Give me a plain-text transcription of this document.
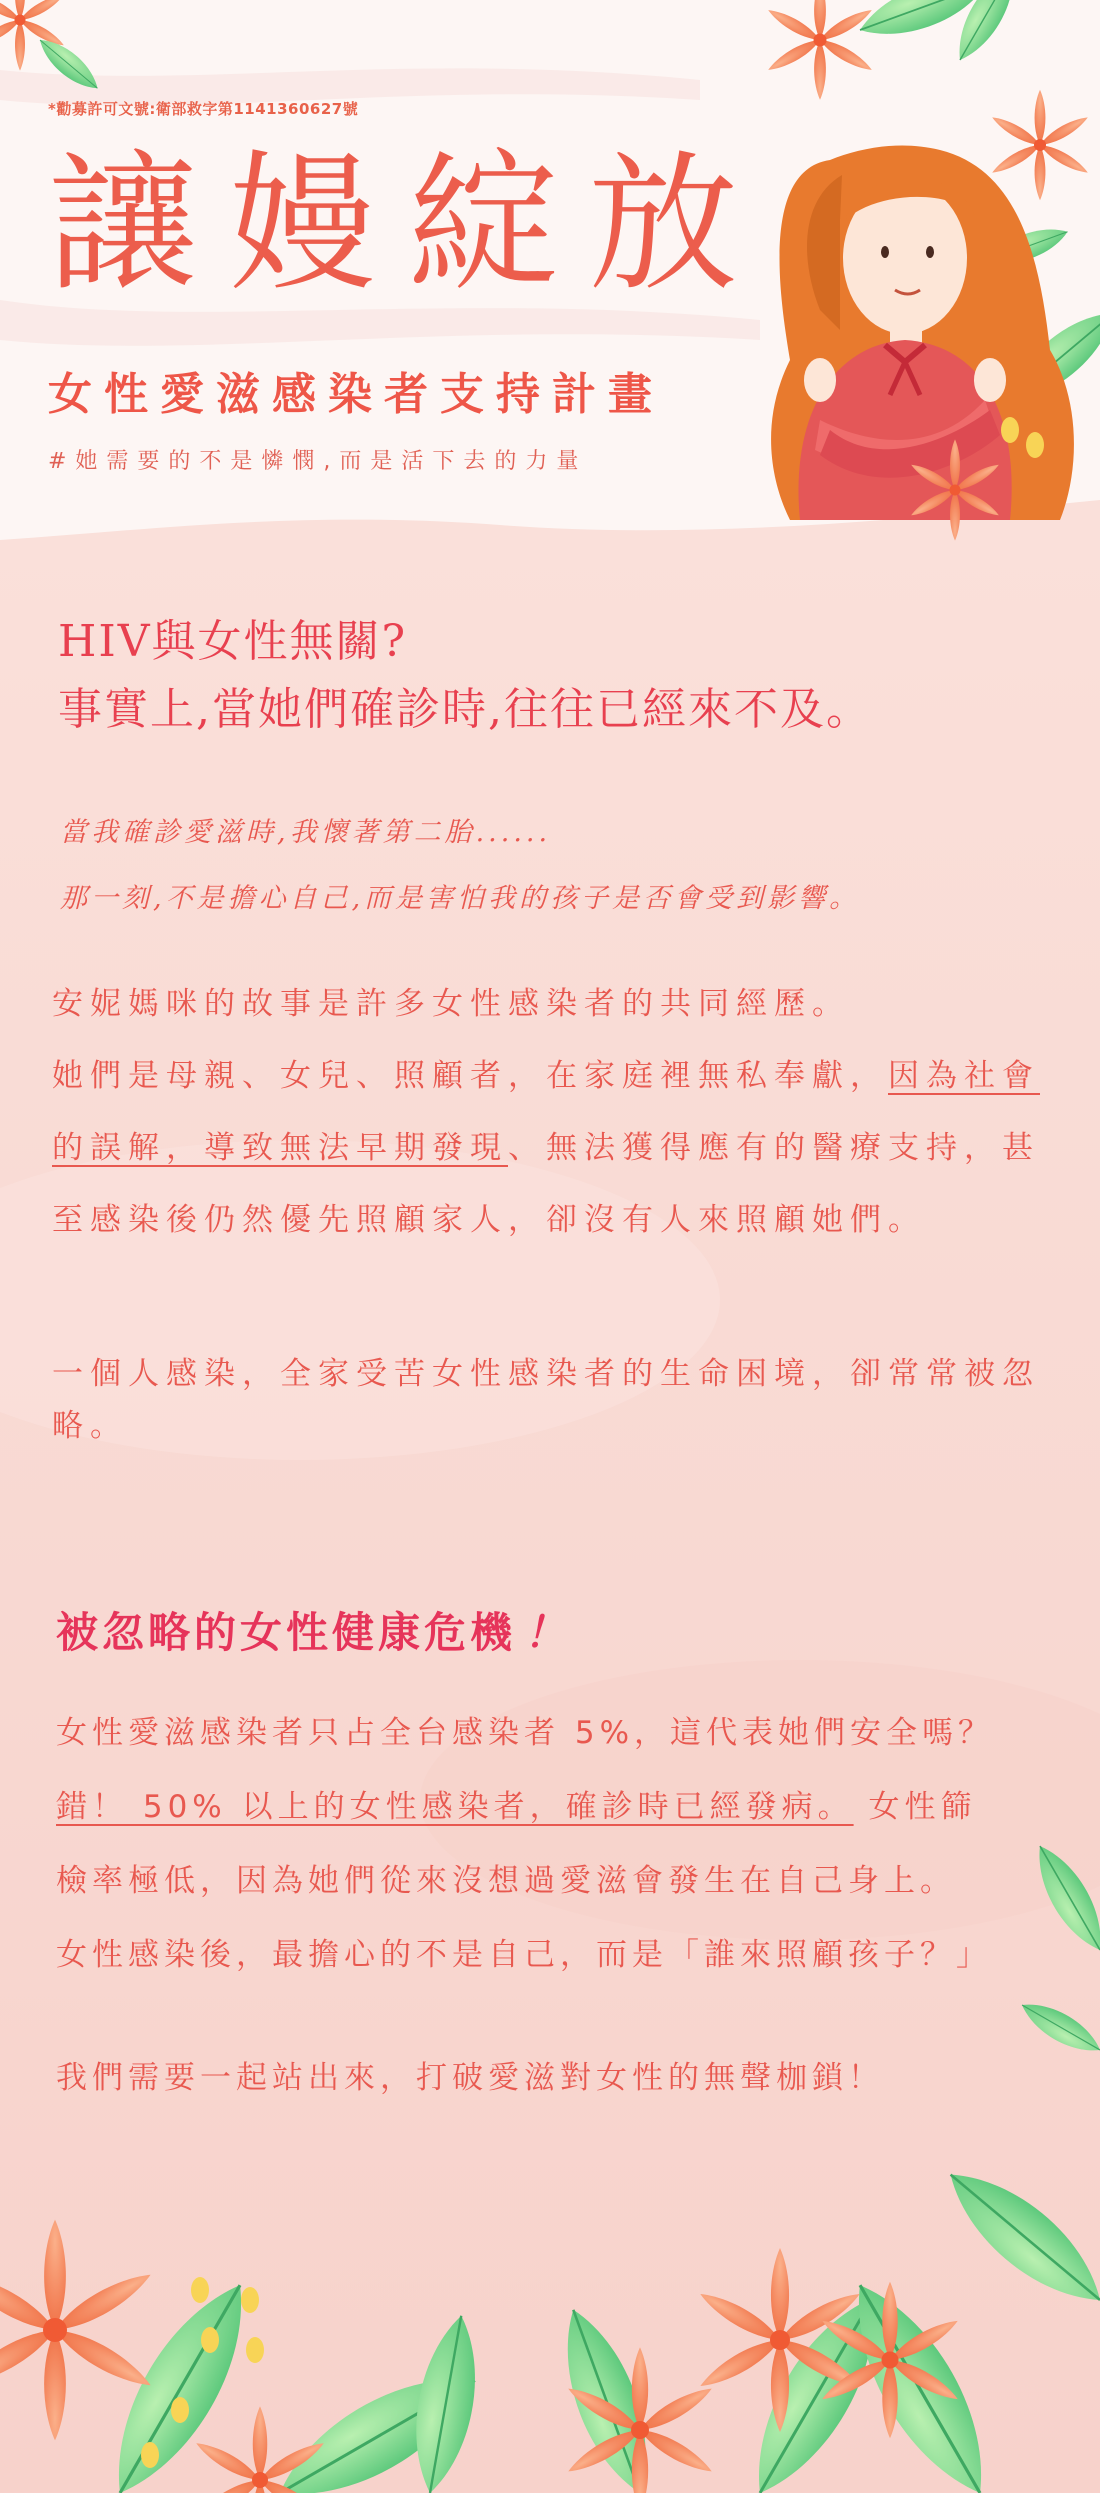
*勸募許可文號:衛部救字第1141360627號
讓嫚綻放
女性愛滋感染者支持計畫
#她需要的不是憐憫,而是活下去的力量
HIV與女性無關?
事實上,當她們確診時,往往已經來不及。
當我確診愛滋時,我懷著第二胎......
那一刻,不是擔心自己,而是害怕我的孩子是否會受到影響。
安妮媽咪的故事是許多女性感染者的共同經歷。
她們是母親、女兒、照顧者，在家庭裡無私奉獻，因為社會的誤解，導致無法早期發現、無法獲得應有的醫療支持，甚至感染後仍然優先照顧家人，卻沒有人來照顧她們。
一個人感染，全家受苦女性感染者的生命困境，卻常常被忽略。
被忽略的女性健康危機 ！
女性愛滋感染者只占全台感染者 5%，這代表她們安全嗎？
錯！ 50% 以上的女性感染者，確診時已經發病。 女性篩
檢率極低，因為她們從來沒想過愛滋會發生在自己身上。
女性感染後，最擔心的不是自己，而是「誰來照顧孩子？」
我們需要一起站出來，打破愛滋對女性的無聲枷鎖！
